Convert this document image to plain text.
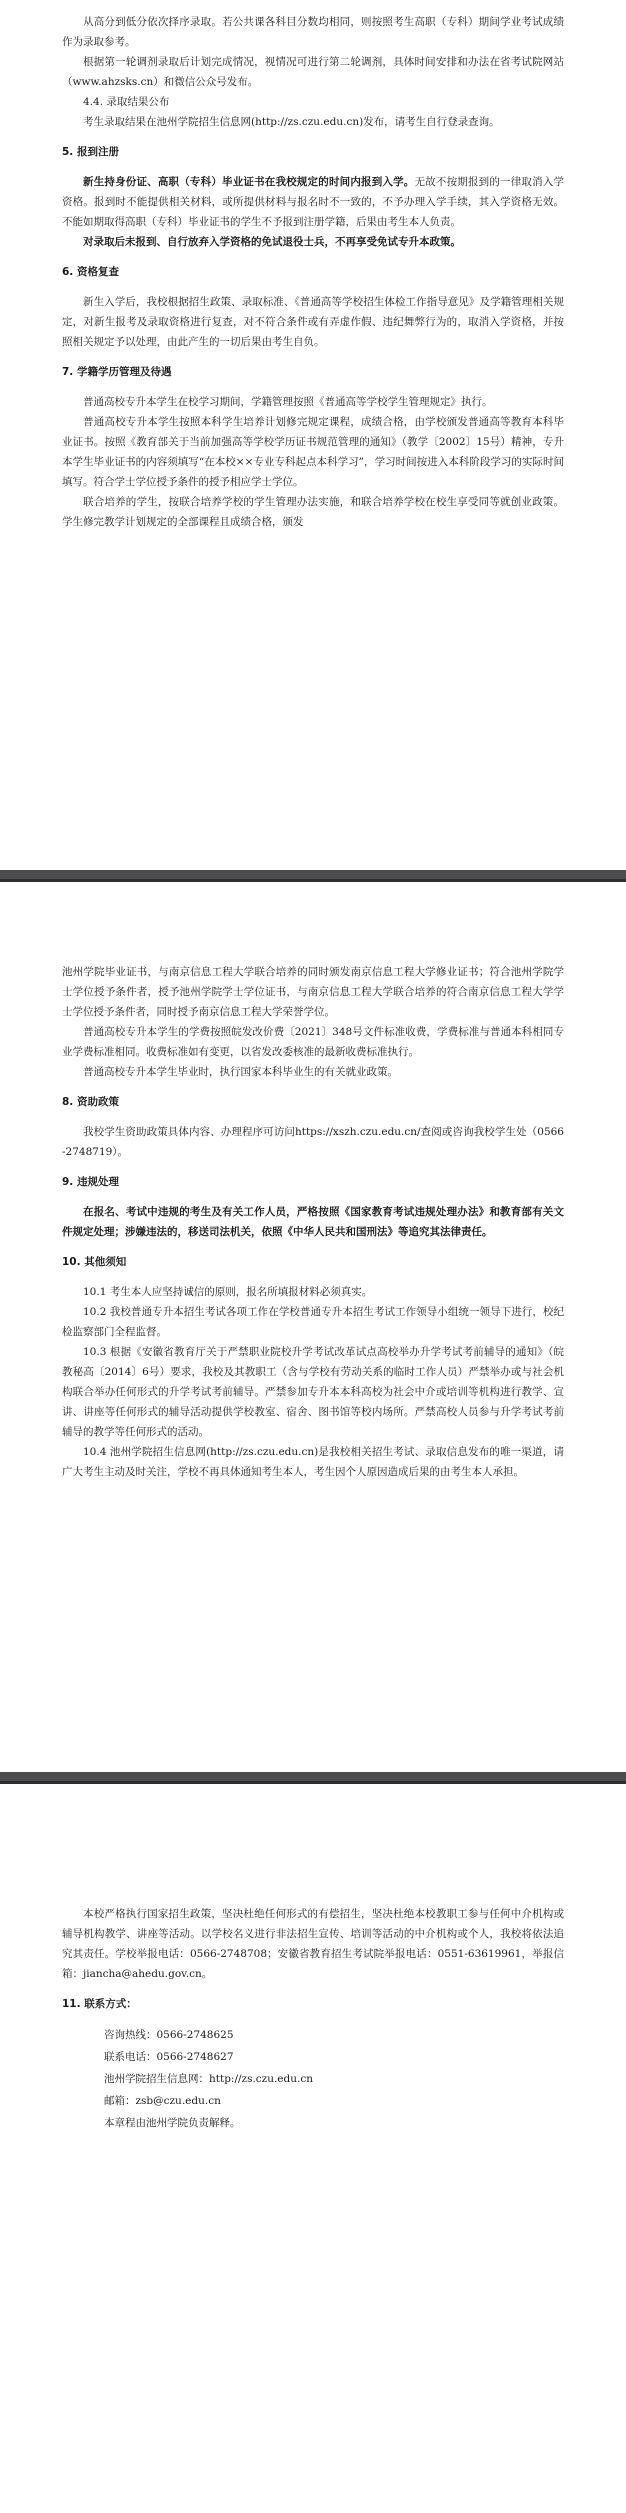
从高分到低分依次择序录取。若公共课各科目分数均相同，则按照考生高职（专科）期间学业考试成绩作为录取参考。

根据第一轮调剂录取后计划完成情况，视情况可进行第二轮调剂，具体时间安排和办法在省考试院网站（www.ahzsks.cn）和微信公众号发布。

4.4. 录取结果公布

考生录取结果在池州学院招生信息网(http://zs.czu.edu.cn)发布，请考生自行登录查询。

5. 报到注册

新生持身份证、高职（专科）毕业证书在我校规定的时间内报到入学。无故不按期报到的一律取消入学资格。报到时不能提供相关材料，或所提供材料与报名时不一致的，不予办理入学手续，其入学资格无效。不能如期取得高职（专科）毕业证书的学生不予报到注册学籍，后果由考生本人负责。

对录取后未报到、自行放弃入学资格的免试退役士兵，不再享受免试专升本政策。

6. 资格复查

新生入学后，我校根据招生政策、录取标准、《普通高等学校招生体检工作指导意见》及学籍管理相关规定，对新生报考及录取资格进行复查，对不符合条件或有弄虚作假、违纪舞弊行为的，取消入学资格，并按照相关规定予以处理，由此产生的一切后果由考生自负。

7. 学籍学历管理及待遇

普通高校专升本学生在校学习期间，学籍管理按照《普通高等学校学生管理规定》执行。

普通高校专升本学生按照本科学生培养计划修完规定课程，成绩合格，由学校颁发普通高等教育本科毕业证书。按照《教育部关于当前加强高等学校学历证书规范管理的通知》（教学〔2002〕15号）精神，专升本学生毕业证书的内容须填写“在本校××专业专科起点本科学习”，学习时间按进入本科阶段学习的实际时间填写。符合学士学位授予条件的授予相应学士学位。

联合培养的学生，按联合培养学校的学生管理办法实施，和联合培养学校在校生享受同等就创业政策。学生修完教学计划规定的全部课程且成绩合格，颁发

池州学院毕业证书，与南京信息工程大学联合培养的同时颁发南京信息工程大学修业证书；符合池州学院学士学位授予条件者，授予池州学院学士学位证书，与南京信息工程大学联合培养的符合南京信息工程大学学士学位授予条件者，同时授予南京信息工程大学荣誉学位。

普通高校专升本学生的学费按照皖发改价费〔2021〕348号文件标准收费，学费标准与普通本科相同专业学费标准相同。收费标准如有变更，以省发改委核准的最新收费标准执行。

普通高校专升本学生毕业时，执行国家本科毕业生的有关就业政策。

8. 资助政策

我校学生资助政策具体内容、办理程序可访问https://xszh.czu.edu.cn/查阅或咨询我校学生处（0566-2748719）。

9. 违规处理

在报名、考试中违规的考生及有关工作人员，严格按照《国家教育考试违规处理办法》和教育部有关文件规定处理；涉嫌违法的，移送司法机关，依照《中华人民共和国刑法》等追究其法律责任。

10. 其他须知

10.1 考生本人应坚持诚信的原则，报名所填报材料必须真实。

10.2 我校普通专升本招生考试各项工作在学校普通专升本招生考试工作领导小组统一领导下进行，校纪检监察部门全程监督。

10.3 根据《安徽省教育厅关于严禁职业院校升学考试改革试点高校举办升学考试考前辅导的通知》（皖教秘高〔2014〕6号）要求，我校及其教职工（含与学校有劳动关系的临时工作人员）严禁举办或与社会机构联合举办任何形式的升学考试考前辅导。严禁参加专升本本科高校为社会中介或培训等机构进行教学、宣讲、讲座等任何形式的辅导活动提供学校教室、宿舍、图书馆等校内场所。严禁高校人员参与升学考试考前辅导的教学等任何形式的活动。

10.4 池州学院招生信息网(http://zs.czu.edu.cn)是我校相关招生考试、录取信息发布的唯一渠道，请广大考生主动及时关注，学校不再具体通知考生本人，考生因个人原因造成后果的由考生本人承担。

本校严格执行国家招生政策，坚决杜绝任何形式的有偿招生，坚决杜绝本校教职工参与任何中介机构或辅导机构教学、讲座等活动。以学校名义进行非法招生宣传、培训等活动的中介机构或个人，我校将依法追究其责任。学校举报电话：0566-2748708；安徽省教育招生考试院举报电话：0551-63619961，举报信箱：jiancha@ahedu.gov.cn。

11. 联系方式：

咨询热线：0566-2748625

联系电话：0566-2748627

池州学院招生信息网：http://zs.czu.edu.cn

邮箱：zsb@czu.edu.cn

本章程由池州学院负责解释。
